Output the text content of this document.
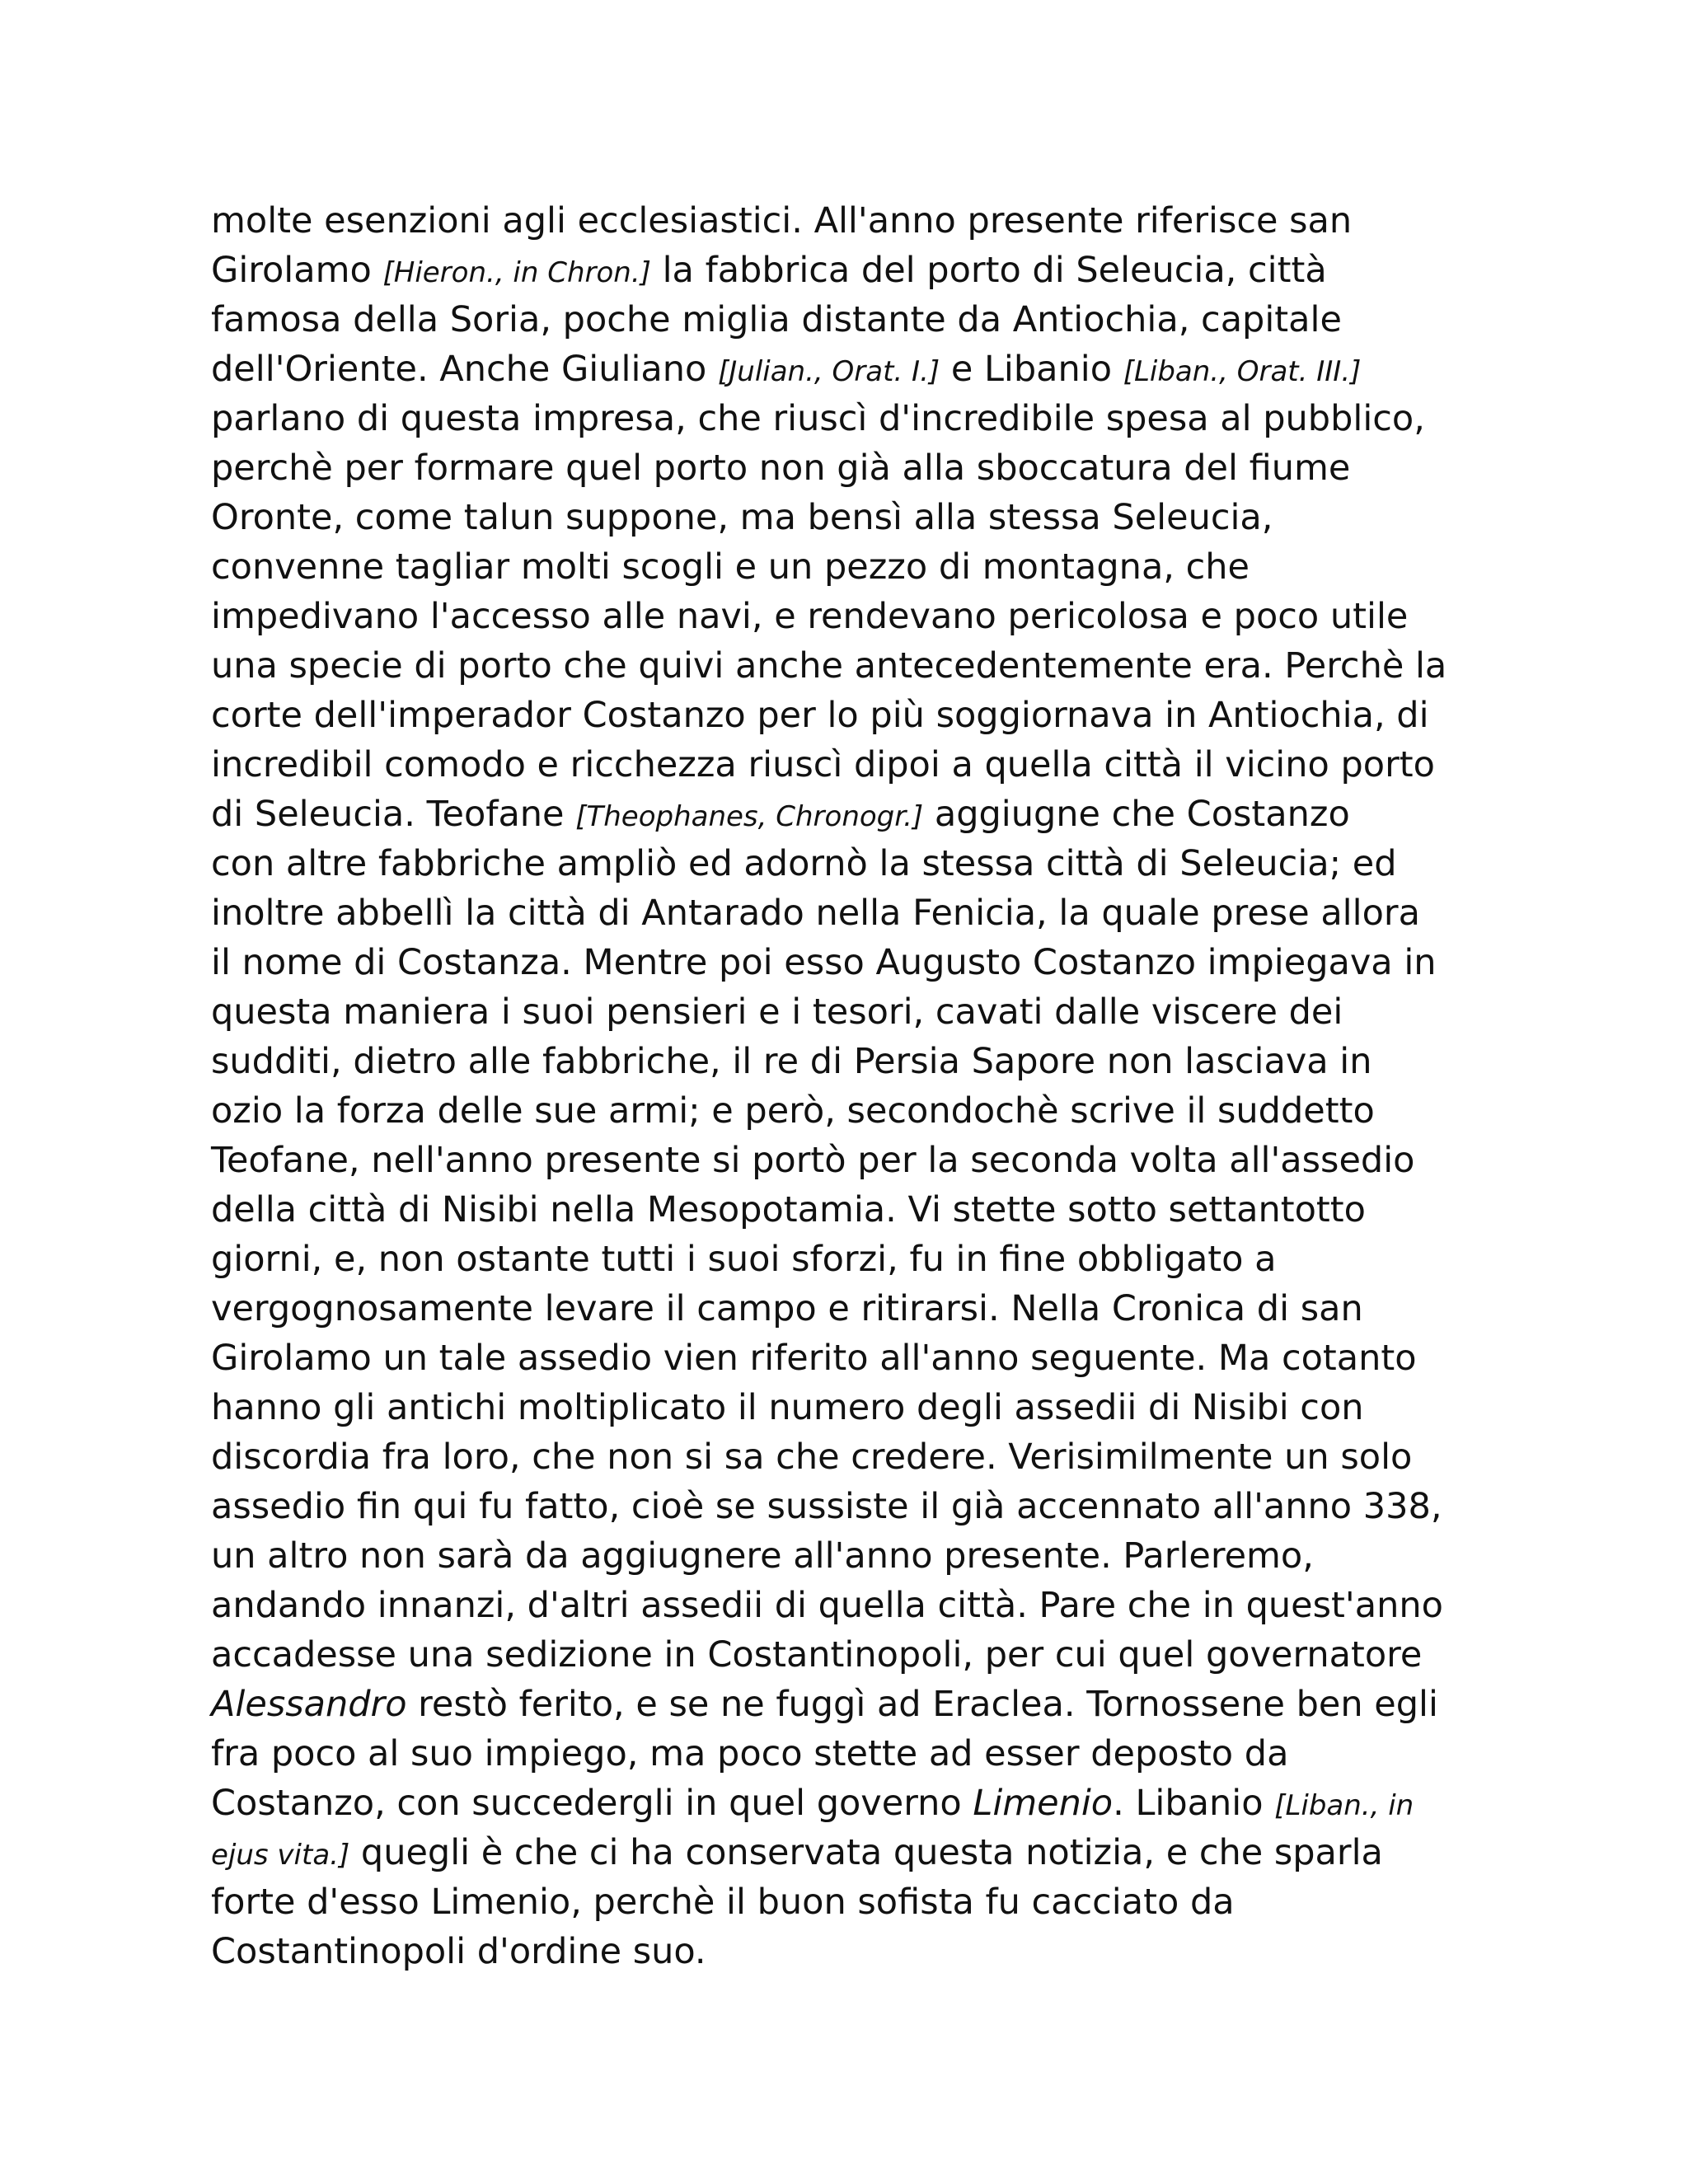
molte esenzioni agli ecclesiastici. All'anno presente riferisce san
Girolamo [Hieron., in Chron.] la fabbrica del porto di Seleucia, città
famosa della Soria, poche miglia distante da Antiochia, capitale
dell'Oriente. Anche Giuliano [Julian., Orat. I.] e Libanio [Liban., Orat. III.]
parlano di questa impresa, che riuscì d'incredibile spesa al pubblico,
perchè per formare quel porto non già alla sboccatura del fiume
Oronte, come talun suppone, ma bensì alla stessa Seleucia,
convenne tagliar molti scogli e un pezzo di montagna, che
impedivano l'accesso alle navi, e rendevano pericolosa e poco utile
una specie di porto che quivi anche antecedentemente era. Perchè la
corte dell'imperador Costanzo per lo più soggiornava in Antiochia, di
incredibil comodo e ricchezza riuscì dipoi a quella città il vicino porto
di Seleucia. Teofane [Theophanes, Chronogr.] aggiugne che Costanzo
con altre fabbriche ampliò ed adornò la stessa città di Seleucia; ed
inoltre abbellì la città di Antarado nella Fenicia, la quale prese allora
il nome di Costanza. Mentre poi esso Augusto Costanzo impiegava in
questa maniera i suoi pensieri e i tesori, cavati dalle viscere dei
sudditi, dietro alle fabbriche, il re di Persia Sapore non lasciava in
ozio la forza delle sue armi; e però, secondochè scrive il suddetto
Teofane, nell'anno presente si portò per la seconda volta all'assedio
della città di Nisibi nella Mesopotamia. Vi stette sotto settantotto
giorni, e, non ostante tutti i suoi sforzi, fu in fine obbligato a
vergognosamente levare il campo e ritirarsi. Nella Cronica di san
Girolamo un tale assedio vien riferito all'anno seguente. Ma cotanto
hanno gli antichi moltiplicato il numero degli assedii di Nisibi con
discordia fra loro, che non si sa che credere. Verisimilmente un solo
assedio fin qui fu fatto, cioè se sussiste il già accennato all'anno 338,
un altro non sarà da aggiugnere all'anno presente. Parleremo,
andando innanzi, d'altri assedii di quella città. Pare che in quest'anno
accadesse una sedizione in Costantinopoli, per cui quel governatore
Alessandro restò ferito, e se ne fuggì ad Eraclea. Tornossene ben egli
fra poco al suo impiego, ma poco stette ad esser deposto da
Costanzo, con succedergli in quel governo Limenio. Libanio [Liban., in
ejus vita.] quegli è che ci ha conservata questa notizia, e che sparla
forte d'esso Limenio, perchè il buon sofista fu cacciato da
Costantinopoli d'ordine suo.
